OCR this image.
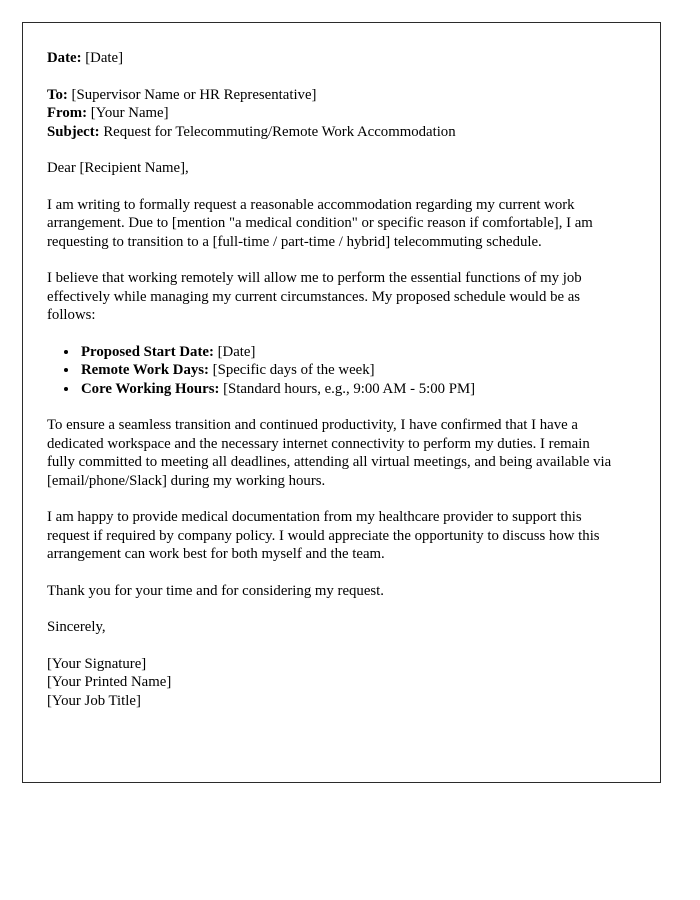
Date: [Date]

To: [Supervisor Name or HR Representative]

From: [Your Name]

Subject: Request for Telecommuting/Remote Work Accommodation

Dear [Recipient Name],

I am writing to formally request a reasonable accommodation regarding my current work arrangement. Due to [mention "a medical condition" or specific reason if comfortable], I am requesting to transition to a [full-time / part-time / hybrid] telecommuting schedule.

I believe that working remotely will allow me to perform the essential functions of my job effectively while managing my current circumstances. My proposed schedule would be as follows:

• Proposed Start Date: [Date]
• Remote Work Days: [Specific days of the week]
• Core Working Hours: [Standard hours, e.g., 9:00 AM - 5:00 PM]

To ensure a seamless transition and continued productivity, I have confirmed that I have a dedicated workspace and the necessary internet connectivity to perform my duties. I remain fully committed to meeting all deadlines, attending all virtual meetings, and being available via [email/phone/Slack] during my working hours.

I am happy to provide medical documentation from my healthcare provider to support this request if required by company policy. I would appreciate the opportunity to discuss how this arrangement can work best for both myself and the team.

Thank you for your time and for considering my request.

Sincerely,

[Your Signature]

[Your Printed Name]

[Your Job Title]
